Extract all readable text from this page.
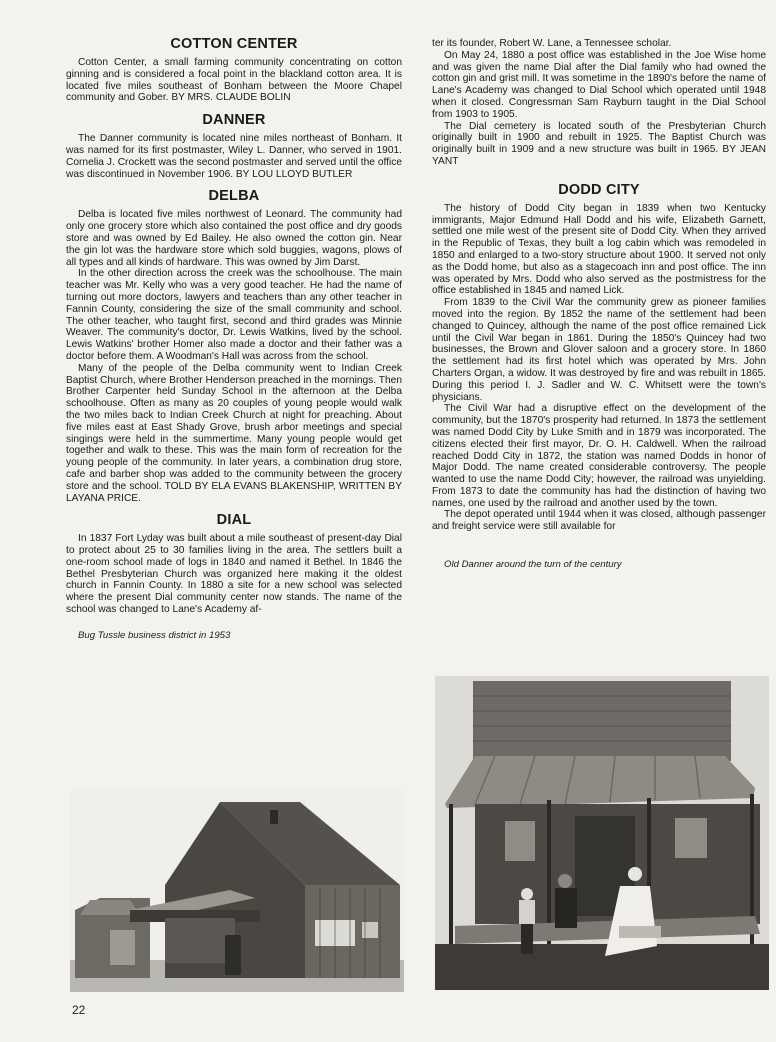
COTTON CENTER

Cotton Center, a small farming community concentrating on cotton ginning and is considered a focal point in the blackland cotton area. It is located five miles southeast of Bonham between the Moore Chapel community and Gober. BY MRS. CLAUDE BOLIN

DANNER

The Danner community is located nine miles northeast of Bonham. It was named for its first postmaster, Wiley L. Danner, who served in 1901. Cornelia J. Crockett was the second postmaster and served until the office was discontinued in November 1906. BY LOU LLOYD BUTLER

DELBA

Delba is located five miles northwest of Leonard. The community had only one grocery store which also contained the post office and dry goods store and was owned by Ed Bailey. He also owned the cotton gin. Near the gin lot was the hardware store which sold buggies, wagons, plows of all types and all kinds of hardware. This was owned by Jim Darst.

In the other direction across the creek was the schoolhouse. The main teacher was Mr. Kelly who was a very good teacher. He had the name of turning out more doctors, lawyers and teachers than any other teacher in Fannin County, considering the size of the small community and school. The other teacher, who taught first, second and third grades was Minnie Weaver. The community's doctor, Dr. Lewis Watkins, lived by the school. Lewis Watkins' brother Homer also made a doctor and their father was a doctor before them. A Woodman's Hall was across from the school.

Many of the people of the Delba community went to Indian Creek Baptist Church, where Brother Henderson preached in the mornings. Then Brother Carpenter held Sunday School in the afternoon at the Delba schoolhouse. Often as many as 20 couples of young people would walk the two miles back to Indian Creek Church at night for preaching. About five miles east at East Shady Grove, brush arbor meetings and special singings were held in the summertime. Many young people would get together and walk to these. This was the main form of recreation for the young people of the community. In later years, a combination drug store, cafe and barber shop was added to the community between the grocery store and the school. TOLD BY ELA EVANS BLAKENSHIP, WRITTEN BY LAYANA PRICE.

DIAL

In 1837 Fort Lyday was built about a mile southeast of present-day Dial to protect about 25 to 30 families living in the area. The settlers built a one-room school made of logs in 1840 and named it Bethel. In 1846 the Bethel Presbyterian Church was organized here making it the oldest church in Fannin County. In 1880 a site for a new school was selected where the present Dial community center now stands. The name of the school was changed to Lane's Academy af-

Bug Tussle business district in 1953

ter its founder, Robert W. Lane, a Tennessee scholar.

On May 24, 1880 a post office was established in the Joe Wise home and was given the name Dial after the Dial family who had owned the cotton gin and grist mill. It was sometime in the 1890's before the name of Lane's Academy was changed to Dial School which operated until 1948 when it closed. Congressman Sam Rayburn taught in the Dial School from 1903 to 1905.

The Dial cemetery is located south of the Presbyterian Church originally built in 1900 and rebuilt in 1925. The Baptist Church was originally built in 1909 and a new structure was built in 1965. BY JEAN YANT

DODD CITY

The history of Dodd City began in 1839 when two Kentucky immigrants, Major Edmund Hall Dodd and his wife, Elizabeth Garnett, settled one mile west of the present site of Dodd City. When they arrived in the Republic of Texas, they built a log cabin which was remodeled in 1850 and enlarged to a two-story structure about 1900. It served not only as the Dodd home, but also as a stagecoach inn and post office. The inn was operated by Mrs. Dodd who also served as the postmistress for the office established in 1845 and named Lick.

From 1839 to the Civil War the community grew as pioneer families moved into the region. By 1852 the name of the settlement had been changed to Quincey, although the name of the post office remained Lick until the Civil War began in 1861. During the 1850's Quincey had two businesses, the Brown and Glover saloon and a grocery store. In 1860 the settlement had its first hotel which was operated by Mrs. John Charters Organ, a widow. It was destroyed by fire and was rebuilt in 1865. During this period I. J. Sadler and W. C. Whitsett were the town's physicians.

The Civil War had a disruptive effect on the development of the community, but the 1870's prosperity had returned. In 1873 the settlement was named Dodd City by Luke Smith and in 1879 was incorporated. The citizens elected their first mayor, Dr. O. H. Caldwell. When the railroad reached Dodd City in 1872, the station was named Dodds in honor of Major Dodd. The name created considerable controversy. The people wanted to use the name Dodd City; however, the railroad was unyielding. From 1873 to date the community has had the distinction of having two names, one used by the railroad and another used by the town.

The depot operated until 1944 when it was closed, although passenger and freight service were still available for

Old Danner around the turn of the century

22
